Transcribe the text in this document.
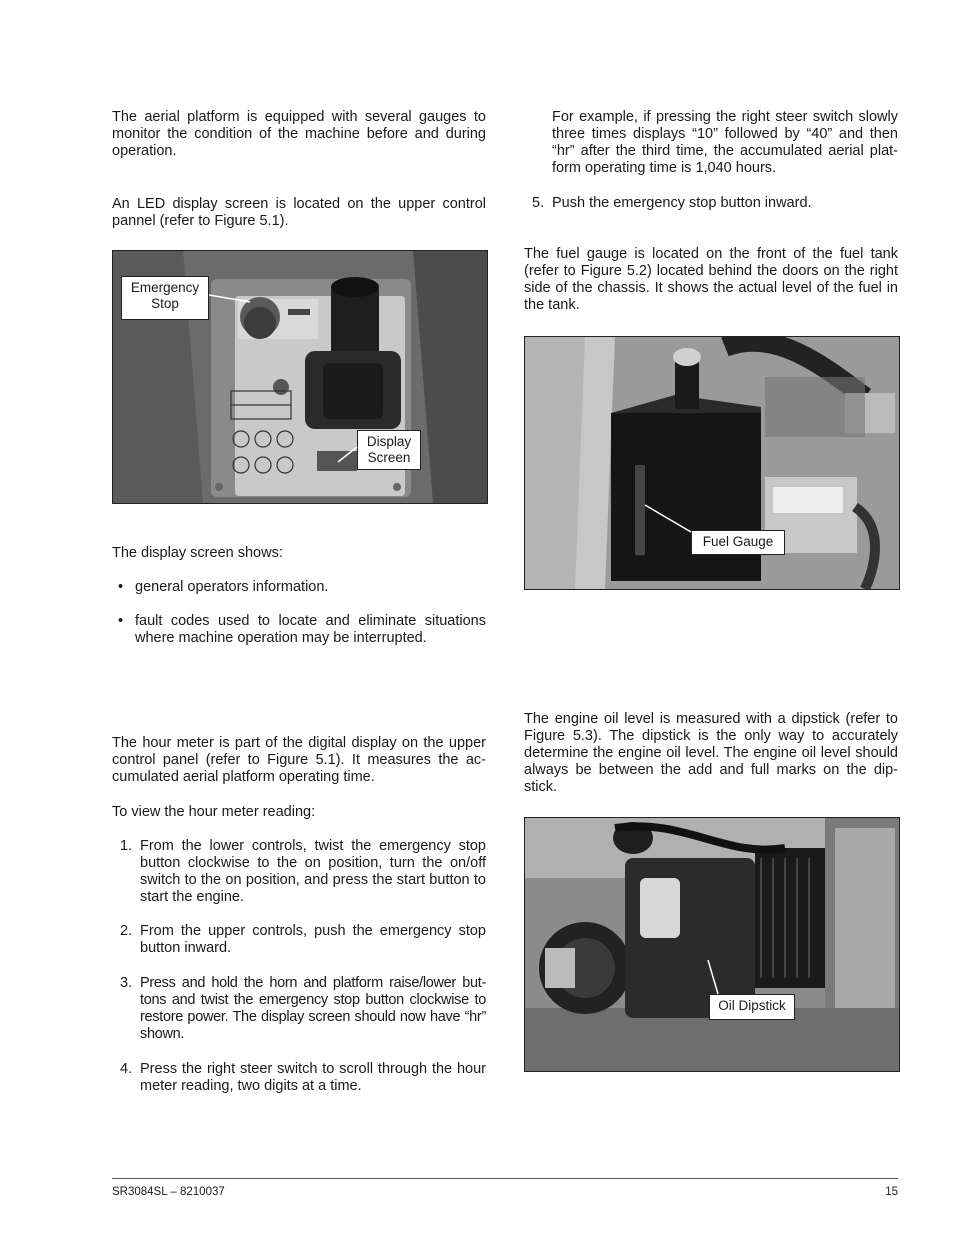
The aerial platform is equipped with several gauges to monitor the condition of the machine before and during operation.

An LED display screen is located on the upper control pannel (refer to Figure 5.1).

Emergency Stop
Display Screen

The display screen shows:

• general operators information.
• fault codes used to locate and eliminate situations where machine operation may be interrupted.

The hour meter is part of the digital display on the upper control panel (refer to Figure 5.1). It measures the ac-cumulated aerial platform operating time.

To view the hour meter reading:

1. From the lower controls, twist the emergency stop button clockwise to the on position, turn the on/off switch to the on position, and press the start button to start the engine.
2. From the upper controls, push the emergency stop button inward.
3. Press and hold the horn and platform raise/lower but-tons and twist the emergency stop button clockwise to restore power. The display screen should now have “hr” shown.
4. Press the right steer switch to scroll through the hour meter reading, two digits at a time.

For example, if pressing the right steer switch slowly three times displays “10” followed by “40” and then “hr” after the third time, the accumulated aerial plat-form operating time is 1,040 hours.

5. Push the emergency stop button inward.

The fuel gauge is located on the front of the fuel tank (refer to Figure 5.2) located behind the doors on the right side of the chassis. It shows the actual level of the fuel in the tank.

Fuel Gauge

The engine oil level is measured with a dipstick (refer to Figure 5.3). The dipstick is the only way to accurately determine the engine oil level. The engine oil level should always be between the add and full marks on the dip-stick.

Oil Dipstick
SR3084SL – 8210037	15
